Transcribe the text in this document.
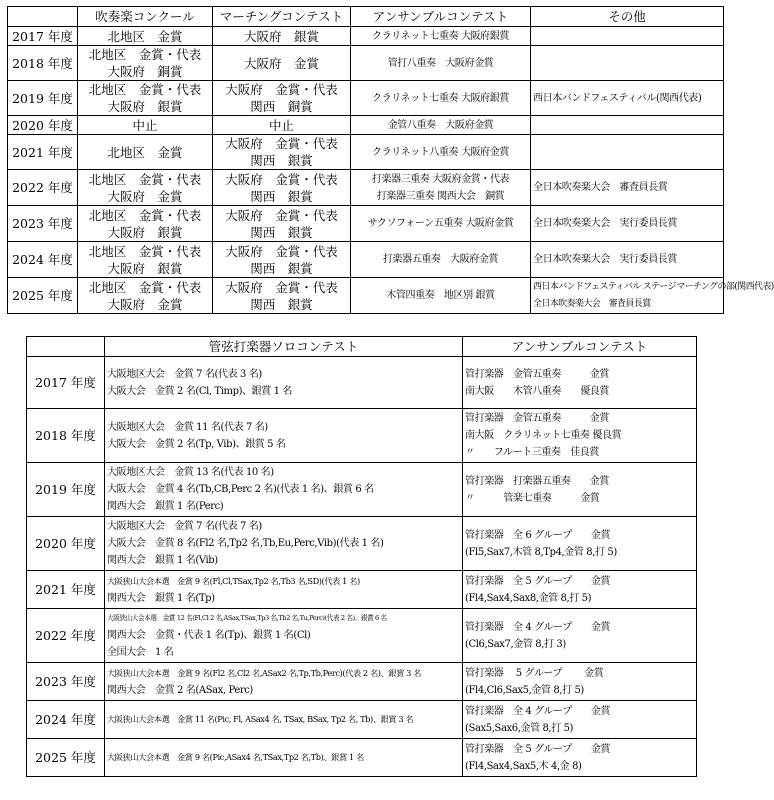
	吹奏楽コンクール	マーチングコンテスト	アンサンブルコンテスト	その他
2017 年度	北地区　金賞	大阪府　銀賞	クラリネット七重奏 大阪府銀賞	

2018 年度	北地区　金賞・代表
大阪府　銅賞	大阪府　金賞	管打八重奏　大阪府金賞	

2019 年度	北地区　金賞・代表
大阪府　銀賞	大阪府　金賞・代表
関西　銅賞	クラリネット七重奏 大阪府銀賞	西日本バンドフェスティバル(関西代表)

2020 年度	中止	中止	金管八重奏　大阪府金賞	

2021 年度	北地区　金賞	大阪府　金賞・代表
関西　銀賞	クラリネット八重奏 大阪府金賞	

2022 年度	北地区　金賞・代表
大阪府　金賞	大阪府　金賞・代表
関西　銀賞	打楽器三重奏 大阪府金賞・代表
打楽器三重奏 関西大会　銅賞	全日本吹奏楽大会　審査員長賞

2023 年度	北地区　金賞・代表
大阪府　銀賞	大阪府　金賞・代表
関西　銀賞	サクソフォーン五重奏 大阪府金賞	全日本吹奏楽大会　実行委員長賞

2024 年度	北地区　金賞・代表
大阪府　銀賞	大阪府　金賞・代表
関西　銀賞	打楽器五重奏　大阪府金賞	全日本吹奏楽大会　実行委員長賞

2025 年度	北地区　金賞・代表
大阪府　金賞	大阪府　金賞・代表
関西　銀賞	木管四重奏　地区別 銀賞	西日本バンドフェスティバル ステージマーチングの部(関西代表)
全日本吹奏楽大会　審査員長賞
	管弦打楽器ソロコンテスト	アンサンブルコンテスト
2017 年度	大阪地区大会　金賞 7 名(代表 3 名)
大阪大会　金賞 2 名(Cl, Timp)、銀賞 1 名	管打楽器　金管五重奏　　　金賞
南大阪　　木管八重奏　　優良賞

2018 年度	大阪地区大会　金賞 11 名(代表 7 名)
大阪大会　金賞 2 名(Tp, Vib)、銀賞 5 名	管打楽器　金管五重奏　　　金賞
南大阪　クラリネット七重奏 優良賞
〃　　フルート三重奏　佳良賞

2019 年度	大阪地区大会　金賞 13 名(代表 10 名)
大阪大会　金賞 4 名(Tb,CB,Perc 2 名)(代表 1 名)、銀賞 6 名
関西大会　銀賞 1 名(Perc)	管打楽器　打楽器五重奏　　金賞
〃　　　管楽七重奏　　　金賞

2020 年度	大阪地区大会　金賞 7 名(代表 7 名)
大阪大会　金賞 8 名(Fl2 名,Tp2 名,Tb,Eu,Perc,Vib)(代表 1 名)
関西大会　銀賞 1 名(Vib)	管打楽器　全 6 グループ　　金賞
(Fl5,Sax7,木管 8,Tp4,金管 8,打 5)

2021 年度	大阪狭山大会本選　金賞 9 名(Fl,Cl,TSax,Tp2 名,Tb3 名,SD)(代表 1 名)
関西大会　銀賞 1 名(Tp)	管打楽器　全 5 グループ　　金賞
(Fl4,Sax4,Sax8,金管 8,打 5)

2022 年度	大阪狭山大会本選　金賞 12 名(Fl,Cl 2 名,ASax,TSax,Tp3 名,Tb2 名,Tu,Perc)(代表 2 名)、銀賞 6 名
関西大会　金賞・代表 1 名(Tp)、銀賞 1 名(Cl)
全国大会　1 名	管打楽器　全 4 グループ　　金賞
(Cl6,Sax7,金管 8,打 3)

2023 年度	大阪狭山大会本選　金賞 9 名(Fl2 名,Cl2 名,ASax2 名,Tp,Tb,Perc)(代表 2 名)、銀賞 3 名
関西大会　金賞 2 名(ASax, Perc)	管打楽器　 5 グループ　　 金賞
(Fl4,Cl6,Sax5,金管 8,打 5)

2024 年度	大阪狭山大会本選　金賞 11 名(Pic, Fl, ASax4 名, TSax, BSax, Tp2 名, Tb)、銀賞 3 名	管打楽器　全 4 グループ　　金賞
(Sax5,Sax6,金管 8,打 5)

2025 年度	大阪狭山大会本選　金賞 9 名(Pic,ASax4 名,TSax,Tp2 名,Tb)、銀賞 1 名	管打楽器　全 5 グループ　　金賞
(Fl4,Sax4,Sax5,木 4,金 8)
